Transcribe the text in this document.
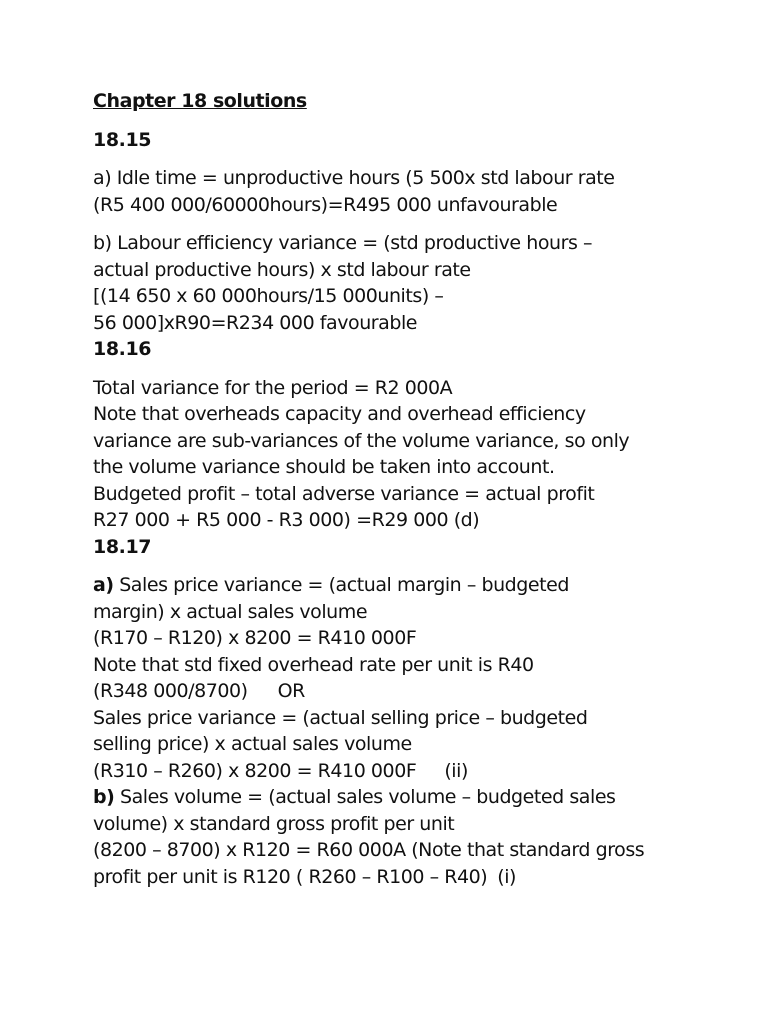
Chapter 18 solutions
18.15
a) Idle time = unproductive hours (5 500x std labour rate
(R5 400 000/60000hours)=R495 000 unfavourable
b) Labour efficiency variance = (std productive hours –
actual productive hours) x std labour rate
[(14 650 x 60 000hours/15 000units) –
56 000]xR90=R234 000 favourable
18.16
Total variance for the period = R2 000A
Note that overheads capacity and overhead efficiency
variance are sub-variances of the volume variance, so only
the volume variance should be taken into account.
Budgeted profit – total adverse variance = actual profit
R27 000 + R5 000 - R3 000) =R29 000 (d)
18.17
a) Sales price variance = (actual margin – budgeted
margin) x actual sales volume
(R170 – R120) x 8200 = R410 000F
Note that std fixed overhead rate per unit is R40
(R348 000/8700) OR
Sales price variance = (actual selling price – budgeted
selling price) x actual sales volume
(R310 – R260) x 8200 = R410 000F (ii)
b) Sales volume = (actual sales volume – budgeted sales
volume) x standard gross profit per unit
(8200 – 8700) x R120 = R60 000A (Note that standard gross
profit per unit is R120 ( R260 – R100 – R40) (i)
